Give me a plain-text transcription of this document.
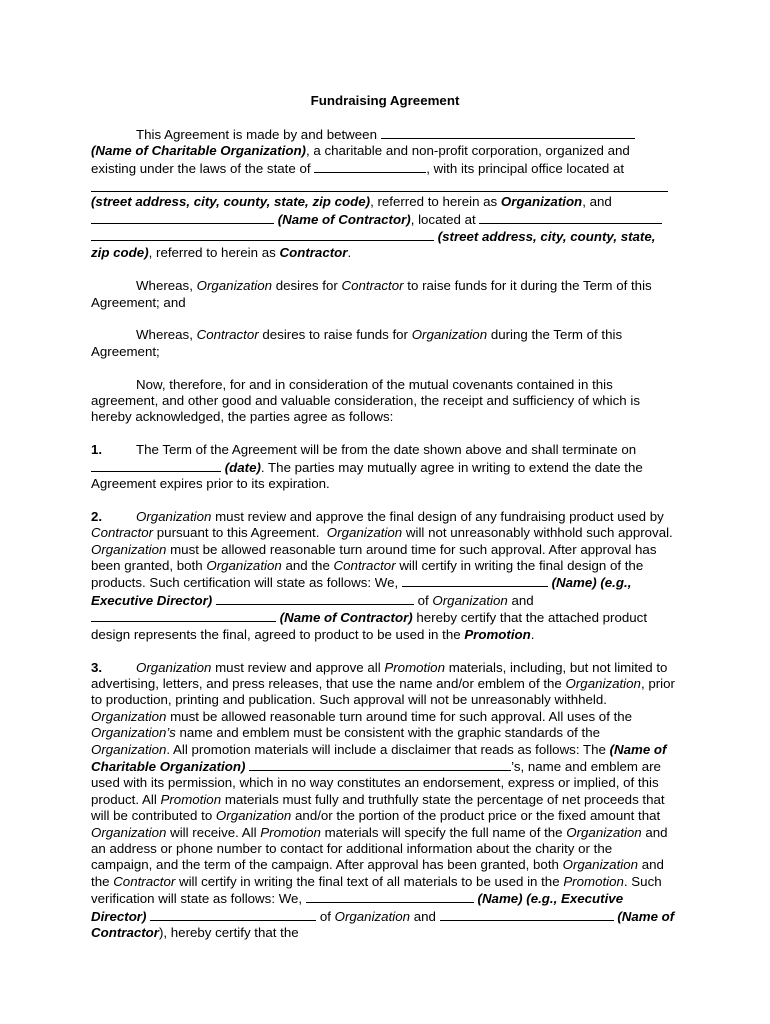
Fundraising Agreement

This Agreement is made by and between  (Name of Charitable Organization), a charitable and non-profit corporation, organized and existing under the laws of the state of	, with its principal office located at
(street address, city, county, state, zip code), referred to herein as Organization, and  (Name of Contractor), located at   (street address, city, county, state, zip code), referred to herein as Contractor.

Whereas, Organization desires for Contractor to raise funds for it during the Term of this Agreement; and

Whereas, Contractor desires to raise funds for Organization during the Term of this Agreement;

Now, therefore, for and in consideration of the mutual covenants contained in this agreement, and other good and valuable consideration, the receipt and sufficiency of which is hereby acknowledged, the parties agree as follows:

1.	The Term of the Agreement will be from the date shown above and shall terminate on  (date). The parties may mutually agree in writing to extend the date the Agreement expires prior to its expiration.

2.	Organization must review and approve the final design of any fundraising product used by Contractor pursuant to this Agreement. Organization will not unreasonably withhold such approval. Organization must be allowed reasonable turn around time for such approval. After approval has been granted, both Organization and the Contractor will certify in writing the final design of the products. Such certification will state as follows: We,	(Name) (e.g., Executive Director)	of Organization and  (Name of Contractor) hereby certify that the attached product design represents the final, agreed to product to be used in the Promotion.

3.	Organization must review and approve all Promotion materials, including, but not limited to advertising, letters, and press releases, that use the name and/or emblem of the Organization, prior to production, printing and publication. Such approval will not be unreasonably withheld. Organization must be allowed reasonable turn around time for such approval. All uses of the Organization’s name and emblem must be consistent with the graphic standards of the Organization. All promotion materials will include a disclaimer that reads as follows: The (Name of Charitable Organization)	’s, name and emblem are used with its permission, which in no way constitutes an endorsement, express or implied, of this product. All Promotion materials must fully and truthfully state the percentage of net proceeds that will be contributed to Organization and/or the portion of the product price or the fixed amount that Organization will receive. All Promotion materials will specify the full name of the Organization and an address or phone number to contact for additional information about the charity or the campaign, and the term of the campaign. After approval has been granted, both Organization and the Contractor will certify in writing the final text of all materials to be used in the Promotion. Such verification will state as follows: We,	(Name) (e.g., Executive Director)	of Organization and	(Name of Contractor), hereby certify that the
